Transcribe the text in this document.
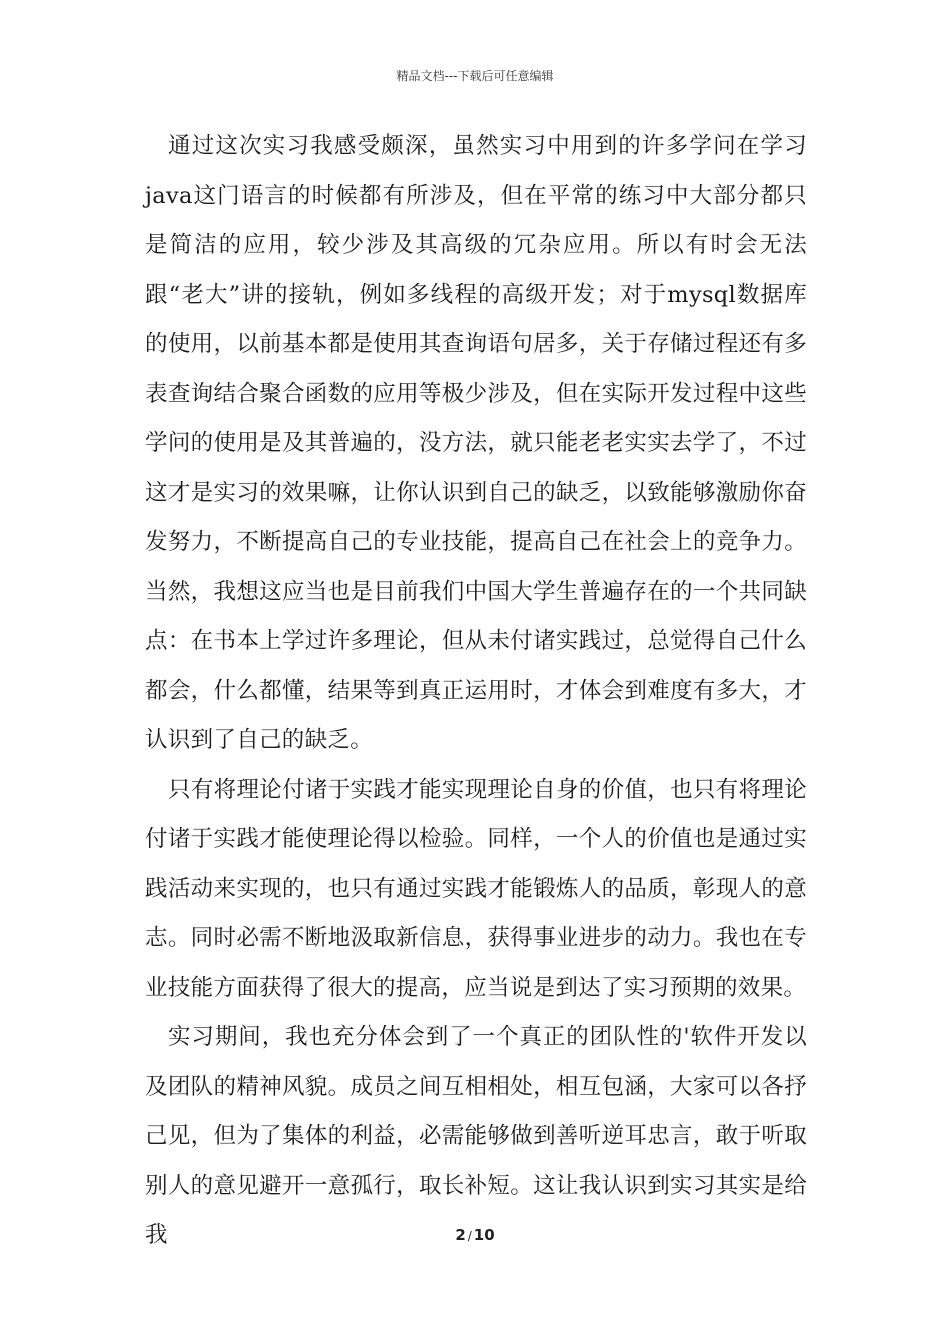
精品文档---下载后可任意编辑

通过这次实习我感受颇深，虽然实习中用到的许多学问在学习java这门语言的时候都有所涉及，但在平常的练习中大部分都只是简洁的应用，较少涉及其高级的冗杂应用。所以有时会无法跟“老大”讲的接轨，例如多线程的高级开发；对于mysql数据库的使用，以前基本都是使用其查询语句居多，关于存储过程还有多表查询结合聚合函数的应用等极少涉及，但在实际开发过程中这些学问的使用是及其普遍的，没方法，就只能老老实实去学了，不过这才是实习的效果嘛，让你认识到自己的缺乏，以致能够激励你奋发努力，不断提高自己的专业技能，提高自己在社会上的竞争力。当然，我想这应当也是目前我们中国大学生普遍存在的一个共同缺点：在书本上学过许多理论，但从未付诸实践过，总觉得自己什么都会，什么都懂，结果等到真正运用时，才体会到难度有多大，才认识到了自己的缺乏。

只有将理论付诸于实践才能实现理论自身的价值，也只有将理论付诸于实践才能使理论得以检验。同样，一个人的价值也是通过实践活动来实现的，也只有通过实践才能锻炼人的品质，彰现人的意志。同时必需不断地汲取新信息，获得事业进步的动力。我也在专业技能方面获得了很大的提高，应当说是到达了实习预期的效果。

实习期间，我也充分体会到了一个真正的团队性的'软件开发以及团队的精神风貌。成员之间互相相处，相互包涵，大家可以各抒己见，但为了集体的利益，必需能够做到善听逆耳忠言，敢于听取别人的意见避开一意孤行，取长补短。这让我认识到实习其实是给我	2 / 10
